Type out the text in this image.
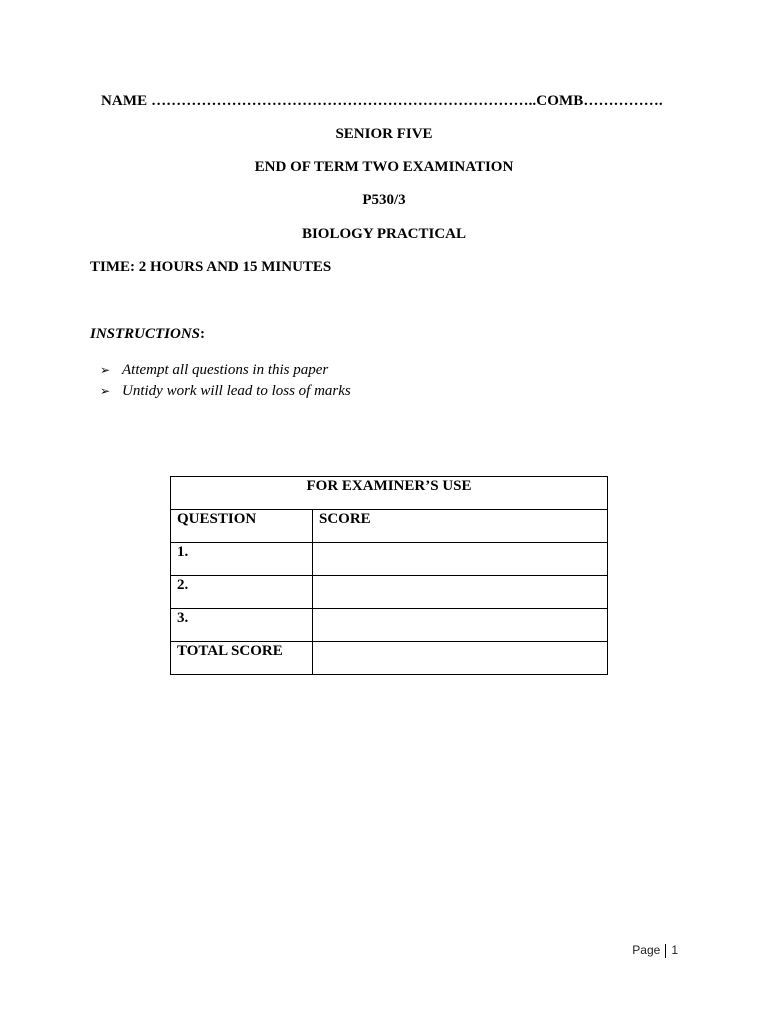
NAME …………………………………………………………………..COMB…………….
SENIOR FIVE
END OF TERM TWO EXAMINATION
P530/3
BIOLOGY PRACTICAL
TIME: 2 HOURS AND 15 MINUTES
INSTRUCTIONS:
➢ Attempt all questions in this paper
➢ Untidy work will lead to loss of marks
FOR EXAMINER’S USE	
QUESTION	SCORE
1.	
2.	
3.	
TOTAL SCORE	
Page 1
